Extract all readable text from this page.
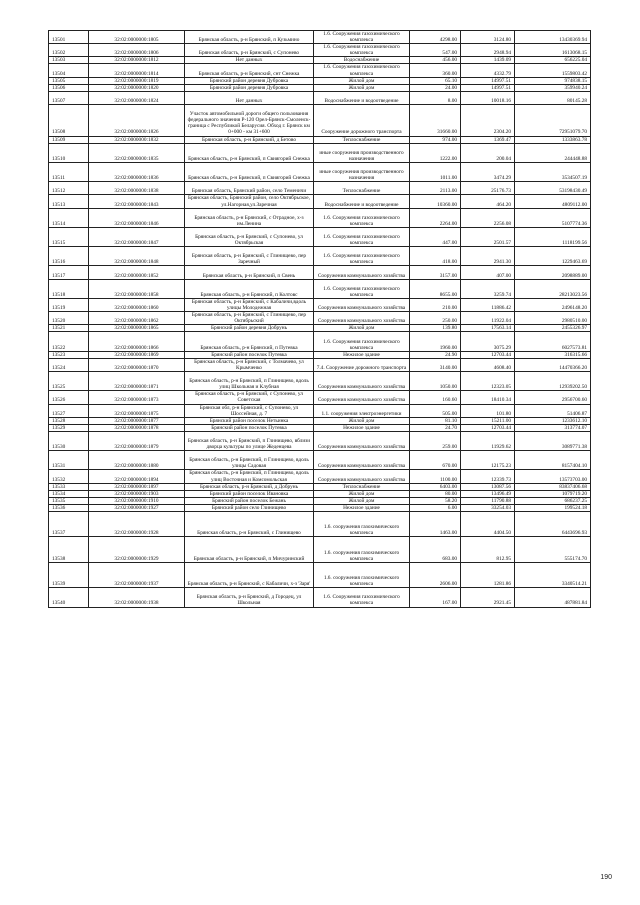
13501	32:02:0000000:1805	Брянская область, р-н Брянский, п Кузьмино	1.6. Сооружения газохимического комплекса	4298.00	3124.80	13430369.94
13502	32:02:0000000:1806	Брянская область, р-н Брянский, с Супонево	1.6. Сооружения газохимического комплекса	547.00	2948.94	1613068.15
13503	32:02:0000000:1812	Нет данных	Водоснабжение	456.00	1439.09	656225.04
13504	32:02:0000000:1814	Брянская область, р-н Брянский, снт Снежка	1.6. Сооружения газохимического комплекса	360.00	4332.79	1559803.42
13505	32:02:0000000:1819	Брянский район деревня Дубровка	Жилой дом	65.10	14997.51	974838.15
13506	32:02:0000000:1820	Брянский район деревня Дубровка	Жилой дом	24.00	14997.51	359940.24
13507	32:02:0000000:1824	Нет данных	Водоснабжение и водоотведение	8.00	10018.16	80145.28
13508	32:02:0000000:1826	Участок автомобильной дороги общего пользования федерального значения Р-120 Орел-Брянск-Смоленск-граница с Республикой Беларусия. Обход г. Брянск км 0+000 - км 31+600	Сооружение дорожного транспорта	31660.00	2304.20	72951079.70
13509	32:02:0000000:1832	Брянская область, р-н Брянский, д Бетово	Теплоснабжение	974.00	1369.47	1333863.78
13510	32:02:0000000:1835	Брянская область, р-н Брянский, п Свиягорий Снежка	иные сооружения производственного назначения	1222.00	200.04	244448.88
13511	32:02:0000000:1836	Брянская область, р-н Брянский, п Свиягорий Снежка	иные сооружения производственного назначения	1011.00	3474.29	3534507.19
13512	32:02:0000000:1838	Брянская область, Брянский район, село Теменичи	Теплоснабжение	2113.00	25176.73	53198430.49
13513	32:02:0000000:1843	Брянская область, Брянский район, село Октябрьское, ул.Нагорная,ул.Заречная	Водоснабжение и водоотведение	10360.00	464.20	4809112.00
13514	32:02:0000000:1846	Брянская область, р-н Брянский, с Отрадное, х-з им.Ленина	1.6. Сооружения газохимического комплекса	2264.00	2256.08	5107774.36
13515	32:02:0000000:1847	Брянская область, р-н Брянский, с Супонево, ул Октябрьская	1.6. Сооружения газохимического комплекса	447.00	2501.57	1118199.56
13516	32:02:0000000:1848	Брянская область, р-н Брянский, с Глинищево, пер Заречный	1.6. Сооружения газохимического комплекса	418.00	2941.30	1229463.69
13517	32:02:0000000:1852	Брянская область, р-н Брянский, п Свень	Сооружения коммунального хозяйства	3157.00	407.00	2098889.00
13518	32:02:0000000:1858	Брянская область, р-н Брянский, п Колтовс	1.6. Сооружения газохимического комплекса	8655.00	3259.74	28213023.56
13519	32:02:0000000:1860	Брянская область, р-н Брянский, с Кабаличи,вдоль улицы Молодежная	Сооружения коммунального хозяйства	210.00	11886.42	2496148.20
13520	32:02:0000000:1862	Брянская область, р-н Брянский, с Глинищево, пер Октябрьский	Сооружения коммунального хозяйства	250.00	11922.04	2980510.00
13521	32:02:0000000:1865	Брянский район деревня Добрунь	Жилой дом	139.80	17563.14	2455326.97
13522	32:02:0000000:1866	Брянская область, р-н Брянский, п Путевка	1.6. Сооружения газохимического комплекса	1960.00	3075.29	6027573.81
13523	32:02:0000000:1869	Брянский район поселок Путевка	Нежилое здание	24.90	12703.44	316315.66
13524	32:02:0000000:1870	Брянская область, р-н Брянский, с Толмачево, ул Крымченко	7.4. Сооружение дорожного транспорта	3140.00	4608.40	14470366.20
13525	32:02:0000000:1871	Брянская область, р-н Брянский, п Глинищево, вдоль улиц Школьная и Клубная	Сооружения коммунального хозяйства	1050.00	12323.05	12939202.50
13526	32:02:0000000:1873	Брянская область, р-н Брянский, с Супонево, ул Советская	Сооружения коммунального хозяйства	160.60	18410.34	2956700.60
13527	32:02:0000000:1875	Брянская обл, р-н Брянский, с Супонево, ул Шоссейная, д. 7	1.1. сооружения электроэнергетики	505.00	101.80	51406.87
13528	32:02:0000000:1877	Брянский район поселок Нетьинка	Жилой дом	81.10	15211.00	1233612.10
13529	32:02:0000000:1878	Брянский район поселок Путевка	Нежилое здание	24.70	12703.44	313774.07
13530	32:02:0000000:1879	Брянская область, р-н Брянский, п Глинищево, вблизи дворца культуры по улице Жеденцева	Сооружения коммунального хозяйства	259.00	11929.62	3089771.38
13531	32:02:0000000:1880	Брянская область, р-н Брянский, п Глинищево, вдоль улицы Садовая	Сооружения коммунального хозяйства	670.00	12175.23	8157404.10
13532	32:02:0000000:1894	Брянская область, р-н Брянский, п Глинищево, вдоль улиц Восточная и Комсомольская	Сооружения коммунального хозяйства	1100.00	12339.73	13573703.00
13533	32:02:0000000:1897	Брянская область, р-н Брянский, д Добрунь	Теплоснабжение	6403.00	13087.56	83837406.68
13534	32:02:0000000:1903	Брянский район поселок Ивановка	Жилой дом	80.00	13496.49	1079719.20
13535	32:02:0000000:1910	Брянский район поселок Бежань	Жилой дом	58.20	11790.88	686237.25
13536	32:02:0000000:1927	Брянский район село Глинищево	Нежилое здание	6.00	33254.03	199524.18
13537	32:02:0000000:1928	Брянская область, р-н Брянский, с Глинищево	1.6. сооружения газохимического комплекса	1463.00	4404.50	6443696.93
13538	32:02:0000000:1929	Брянская область, р-н Брянский, п Мичуринский	1.6. сооружения газохимического комплекса	683.00	812.95	555174.70
13539	32:02:0000000:1937	Брянская область, р-н Брянский, с Кабаличи, х-з 'Заря'	1.6. сооружения газохимического комплекса	2606.00	1281.86	3340514.21
13540	32:02:0000000:1938	Брянская область, р-н Брянский, д Городец, ул Школьная	1.6. Сооружения газохимического комплекса	167.00	2921.45	487881.84
190
